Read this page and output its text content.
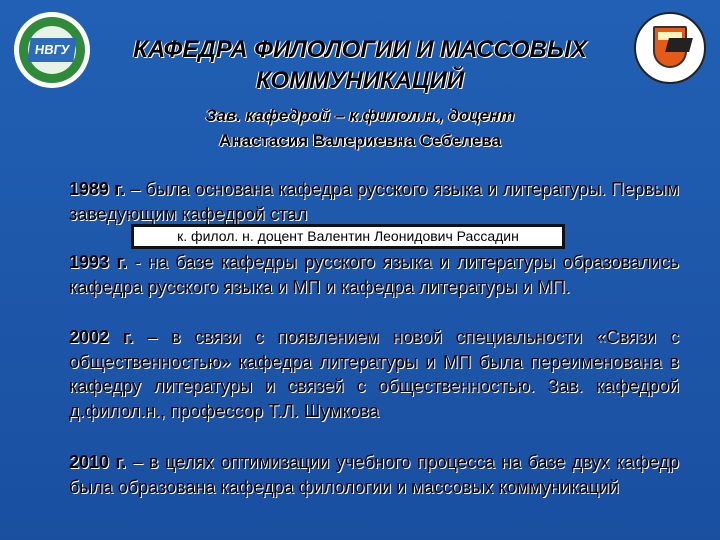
НВГУ	КАФЕДРА ФИЛОЛОГИИ И МАССОВЫХ КОММУНИКАЦИЙ
Зав. кафедрой – к.филол.н., доцент
Анастасия Валериевна Себелева
1989 г. – была основана кафедра русского языка и литературы. Первым заведующим кафедрой стал
к. филол. н. доцент Валентин Леонидович Рассадин
1993 г. - на базе кафедры русского языка и литературы образовались кафедра русского языка и МП и кафедра литературы и МП.
2002 г. – в связи с появлением новой специальности «Связи с общественностью» кафедра литературы и МП была переименована в кафедру литературы и связей с общественностью. Зав. кафедрой д.филол.н., профессор Т.Л. Шумкова
2010 г. – в целях оптимизации учебного процесса на базе двух кафедр была образована кафедра филологии и массовых коммуникаций
